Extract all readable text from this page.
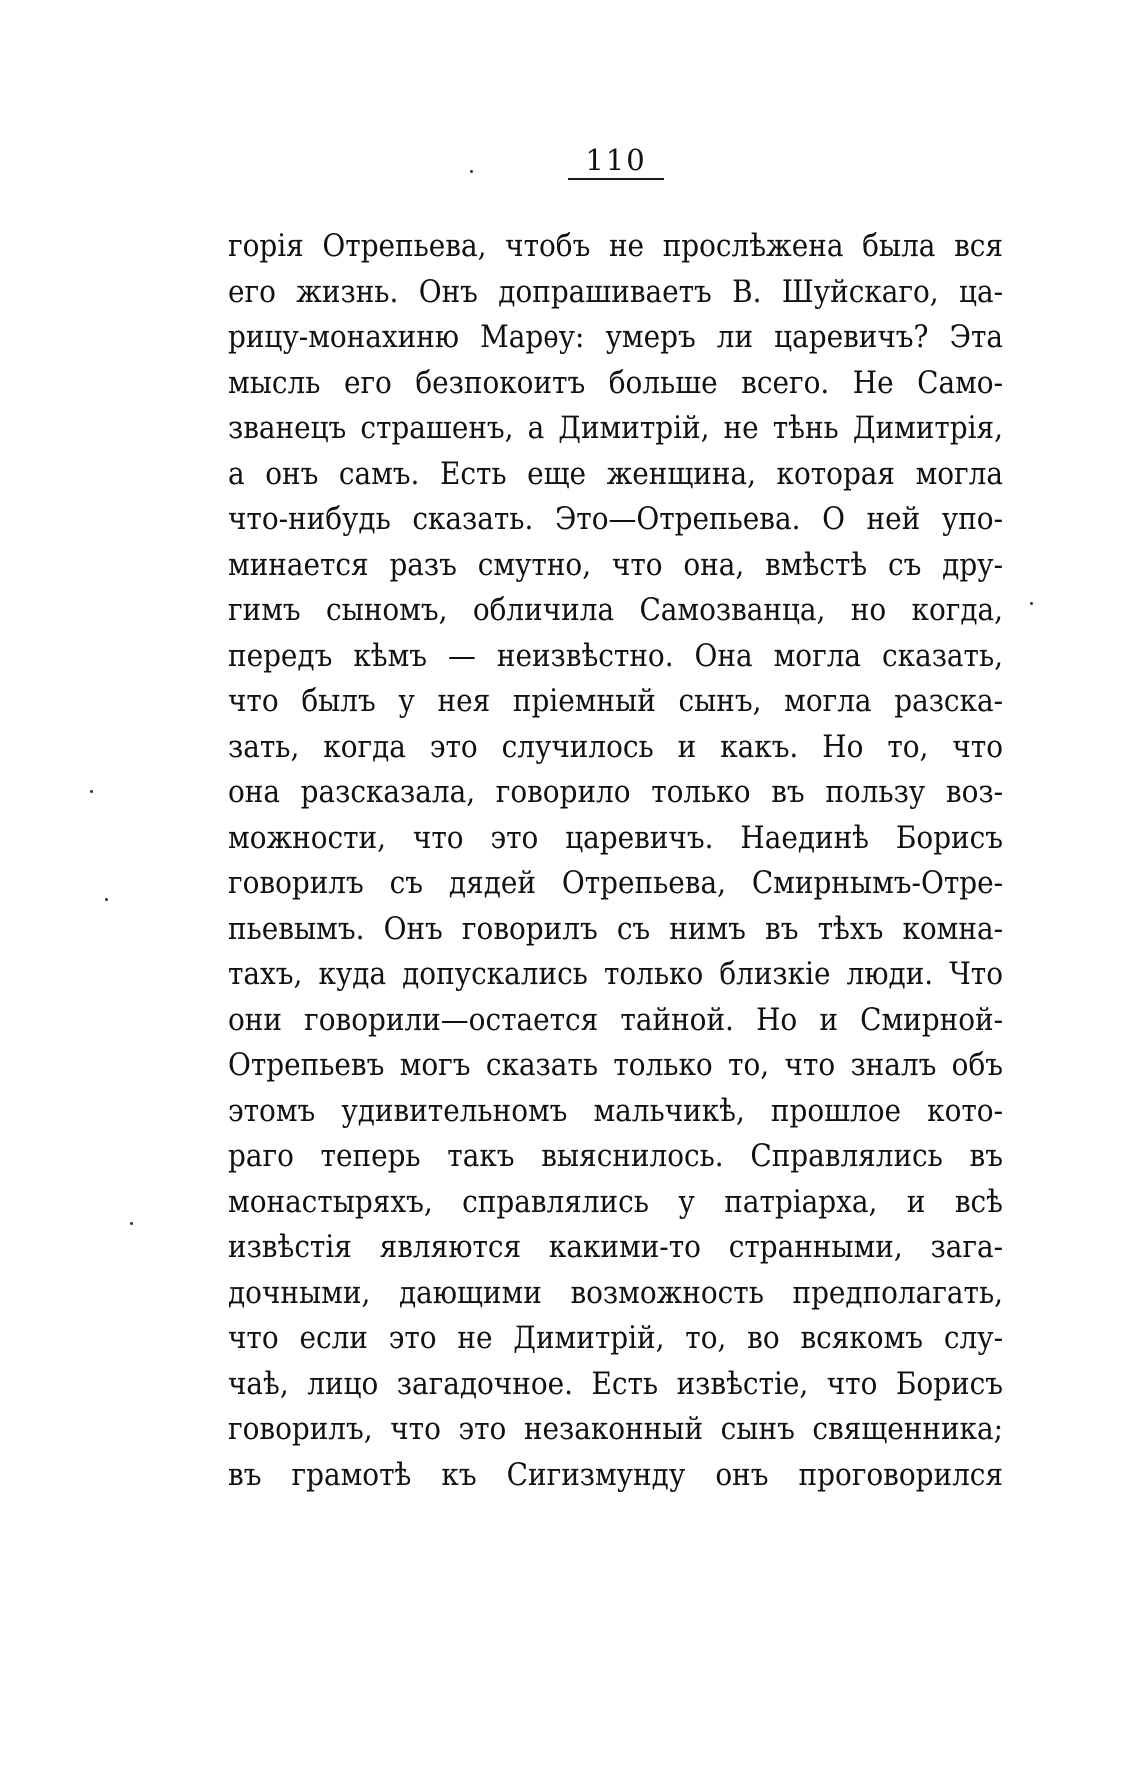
110
горія Отрепьева, чтобъ не прослѣжена была вся
его жизнь. Онъ допрашиваетъ В. Шуйскаго, ца-
рицу-монахиню Марѳу: умеръ ли царевичъ? Эта
мысль его безпокоитъ больше всего. Не Само-
званецъ страшенъ, а Димитрій, не тѣнь Димитрія,
а онъ самъ. Есть еще женщина, которая могла
что-нибудь сказать. Это—Отрепьева. О ней упо-
минается разъ смутно, что она, вмѣстѣ съ дру-
гимъ сыномъ, обличила Самозванца, но когда,
передъ кѣмъ — неизвѣстно. Она могла сказать,
что былъ у нея пріемный сынъ, могла разска-
зать, когда это случилось и какъ. Но то, что
она разсказала, говорило только въ пользу воз-
можности, что это царевичъ. Наединѣ Борисъ
говорилъ съ дядей Отрепьева, Смирнымъ-Отре-
пьевымъ. Онъ говорилъ съ нимъ въ тѣхъ комна-
тахъ, куда допускались только близкіе люди. Что
они говорили—остается тайной. Но и Смирной-
Отрепьевъ могъ сказать только то, что зналъ объ
этомъ удивительномъ мальчикѣ, прошлое кото-
раго теперь такъ выяснилось. Справлялись въ
монастыряхъ, справлялись у патріарха, и всѣ
извѣстія являются какими-то странными, зага-
дочными, дающими возможность предполагать,
что если это не Димитрій, то, во всякомъ слу-
чаѣ, лицо загадочное. Есть извѣстіе, что Борисъ
говорилъ, что это незаконный сынъ священника;
въ грамотѣ къ Сигизмунду онъ проговорился
